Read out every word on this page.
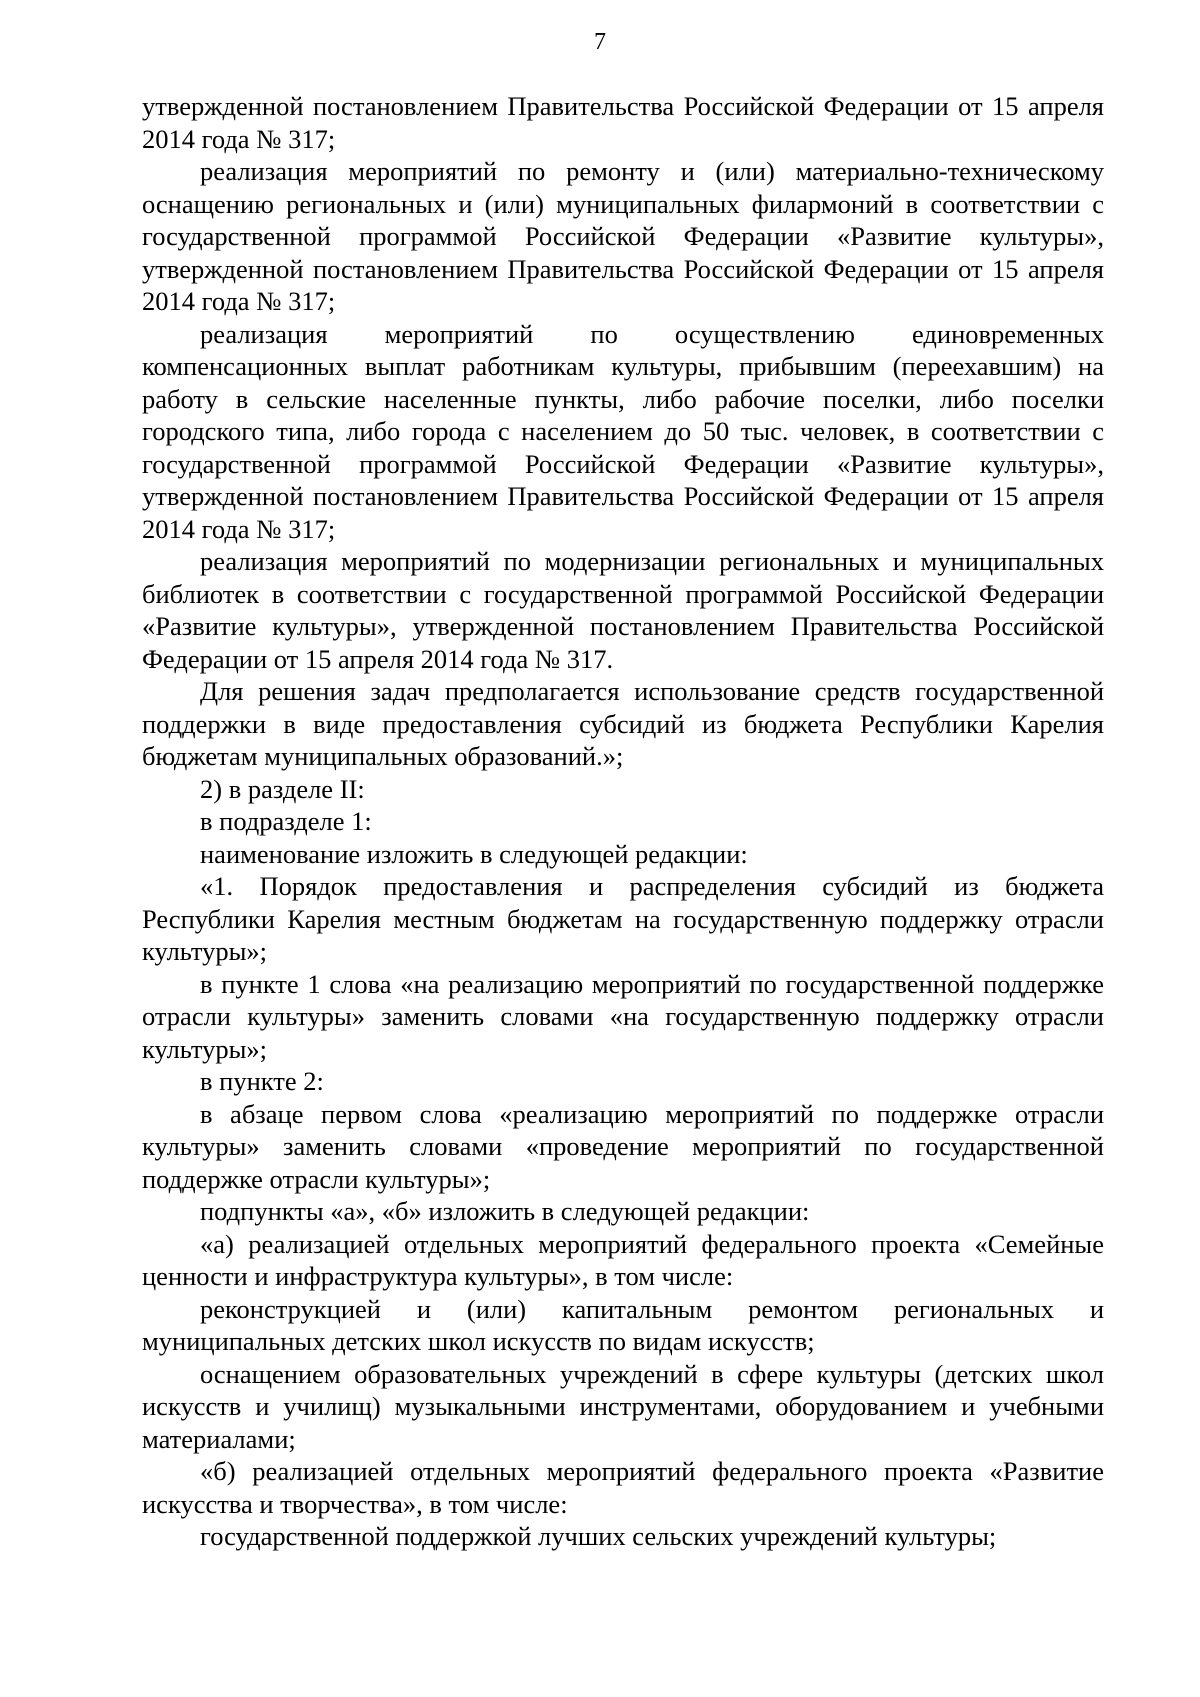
7

утвержденной постановлением Правительства Российской Федерации от 15 апреля 2014 года № 317;

реализация мероприятий по ремонту и (или) материально-техническому оснащению региональных и (или) муниципальных филармоний в соответствии с государственной программой Российской Федерации «Развитие культуры», утвержденной постановлением Правительства Российской Федерации от 15 апреля 2014 года № 317;

реализация мероприятий по осуществлению единовременных компенсационных выплат работникам культуры, прибывшим (переехавшим) на работу в сельские населенные пункты, либо рабочие поселки, либо поселки городского типа, либо города с населением до 50 тыс. человек, в соответствии с государственной программой Российской Федерации «Развитие культуры», утвержденной постановлением Правительства Российской Федерации от 15 апреля 2014 года № 317;

реализация мероприятий по модернизации региональных и муниципальных библиотек в соответствии с государственной программой Российской Федерации «Развитие культуры», утвержденной постановлением Правительства Российской Федерации от 15 апреля 2014 года № 317.

Для решения задач предполагается использование средств государственной поддержки в виде предоставления субсидий из бюджета Республики Карелия бюджетам муниципальных образований.»;

2) в разделе II:

в подразделе 1:

наименование изложить в следующей редакции:

«1. Порядок предоставления и распределения субсидий из бюджета Республики Карелия местным бюджетам на государственную поддержку отрасли культуры»;

в пункте 1 слова «на реализацию мероприятий по государственной поддержке отрасли культуры» заменить словами «на государственную поддержку отрасли культуры»;

в пункте 2:

в абзаце первом слова «реализацию мероприятий по поддержке отрасли культуры» заменить словами «проведение мероприятий по государственной поддержке отрасли культуры»;

подпункты «а», «б» изложить в следующей редакции:

«а) реализацией отдельных мероприятий федерального проекта «Семейные ценности и инфраструктура культуры», в том числе:

реконструкцией и (или) капитальным ремонтом региональных и муниципальных детских школ искусств по видам искусств;

оснащением образовательных учреждений в сфере культуры (детских школ искусств и училищ) музыкальными инструментами, оборудованием и учебными материалами;

«б) реализацией отдельных мероприятий федерального проекта «Развитие искусства и творчества», в том числе:

государственной поддержкой лучших сельских учреждений культуры;
